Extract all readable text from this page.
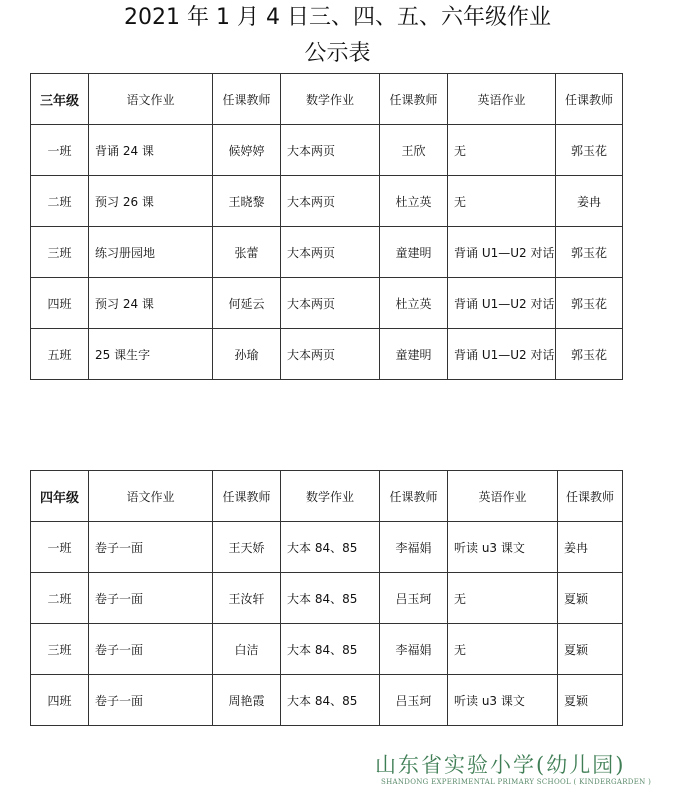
2021 年 1 月 4 日三、四、五、六年级作业
公示表
三年级	语文作业	任课教师	数学作业	任课教师	英语作业	任课教师
一班	背诵 24 课	候婷婷	大本两页	王欣	无	郭玉花
二班	预习 26 课	王晓黎	大本两页	杜立英	无	姜冉
三班	练习册园地	张蕾	大本两页	童建明	背诵 U1—U2 对话	郭玉花
四班	预习 24 课	何延云	大本两页	杜立英	背诵 U1—U2 对话	郭玉花
五班	25 课生字	孙瑜	大本两页	童建明	背诵 U1—U2 对话	郭玉花
四年级	语文作业	任课教师	数学作业	任课教师	英语作业	任课教师
一班	卷子一面	王天娇	大本 84、85	李福娟	听读 u3 课文	姜冉
二班	卷子一面	王汝轩	大本 84、85	吕玉珂	无	夏颖
三班	卷子一面	白洁	大本 84、85	李福娟	无	夏颖
四班	卷子一面	周艳霞	大本 84、85	吕玉珂	听读 u3 课文	夏颖
山东省实验小学(幼儿园)
SHANDONG EXPERIMENTAL PRIMARY SCHOOL ( KINDERGARDEN )
